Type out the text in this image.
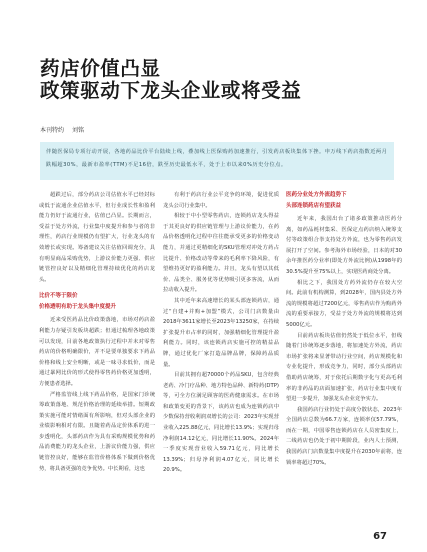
药店价值凸显
政策驱动下龙头企业或将受益
本刊特约 刘铭
伴随医保局专项行动开展，各地药品比价平台陆续上线，叠加线上医保购药加速推行，引发药店板块集体下挫。申万线下药店指数近两月跌幅超30%，最新市盈率(TTM)不足16倍，跌至历史最低水平，处于上市以来0%历史分位点。

超跌过后，部分药店公司估值水平已经封标或低于流通企业估值水平，但行业成长性和盈利能力仍好于流通行业，估值已凸显。长期而言，受益于处方外流，行业集中度提升和参与者的非理性，药店行业规模仍有望扩大，行业龙头的有效增长或实现。筹备建议关注估值回调充分，具有明显商品采购优势，上游议价能力更强、供应链管控良好以及精细化管理持续优化的药店龙头。

比价不等于限价
价格透明有助于龙头集中度提升

近来受医药品比价政策落地，市场对药店盈利能力存疑引发板块超跌；但通过梳理各地政策可以发现，目前各地政策执行过程中并未对零售药店的价格明确限价，并不是要单独要求下药品价格和线上安全明晰，或是一味寻求低价，而是通过暴网比价的形式使得零售药价格更加透明，方便患者选择。

严格监管线上线下药品价格，是国家门诊统筹政策落地、规范价格治理的延续举措。短期政策实施可能对情绪面有所影响，但对头部企业的业绩影响相对有限。且随着药品定价体系的进一步透明化，头部药店作为具有采购规模优势和药品消费能力的龙头企业，上游议价能力强，供应链管控良好，能够在监管价格体系下做到价格优势，将具备更强的竞争优势。中长期看，这也

有利于药店行业公平竞争的环境，促进优质龙头公司行业集中。

相较于中小型零售药店，连锁药店龙头得益于其更良好的供应链管理与上游议价能力，在药品价格透明化过程中往往能承受更多的价格变动能力，并通过更精细化的SKU管理对冲处方药占比提升、价格改动等带来的毛利率下降风险，有望维持更好的盈利能力。并且，龙头有望以其低价、品类全、服务优等优势吸引更多客流，从而拉动收入提升。

其中近年来高速增长的某头部连锁药店，通过“自建+并购+加盟”模式，公司门店数量由2018年3611家增长至2023年13250家，在持续扩张提升市占率的同时，加强精细化管理提升盈利能力。同时，该连锁药店实施可控的精益品牌，通过优化厂家打造品牌品牌，保障药品质量。

目前其拥有超70000个药品SKU，包含经典老药、冷门疗品种、地方特色品种、新特药(DTP)等，可全方位满足顾客的医药健康需求。在市场和政策变更的背景下，该药店也成为连锁药店中少数保持营收利润双增长的公司：2023年实现营业收入225.88亿元，同比增长13.9%；实现归母净利润14.12亿元，同比增长11.90%。2024年一季度实现营业收入59.71亿元，同比增长13.39%；归母净利润4.07亿元，同比增长20.9%。

医药分业处方外流趋势下
头部连锁药店有望获益

近年来，我国出台了诸多政策推动医药分离，如药品耗材集采、医保定点药店纳入统筹支付等政策组合拳支持处方外流，也为零售药店发展打开了空间。参考海外市场经验，日本的对30余年推医药分业率(即处方外流比例)从1998年的30.5%提升至75%以上，实现医药商处分离。

相比之下，我国处方药外流仍存在较大空间。此前有机构测算，到2028年，国内县处方外流的规模将超过7200亿元，零售药店作为购药外流的重要承接方，受益于处方外流的规模将达到5000亿元。

目前药店板块估值仍然处于低位水平，但线随着门诊统筹逐步落地，将加速处方外流，药店市场扩张将来显著带动行业空间，药店规模化和专业化提升，形成竞争力，同时，部分头部药店借助药店统筹，对于依托后期数字化与更高毛利率的非药品的店面加速扩张，药店行业集中度有望进一步提升，加强龙头企业竞争实力。

我国药店行业仍处于高度分散状态，2023年全国药店总数为66.7万家，连锁率仅57.79%，而在一期，中国零售连锁药店在人员密集度上，二线药店也仍处于初中期阶段，业内人士预测，我国药店门店数量集中度提升在2030年前将，连锁率将超过70%。

67
